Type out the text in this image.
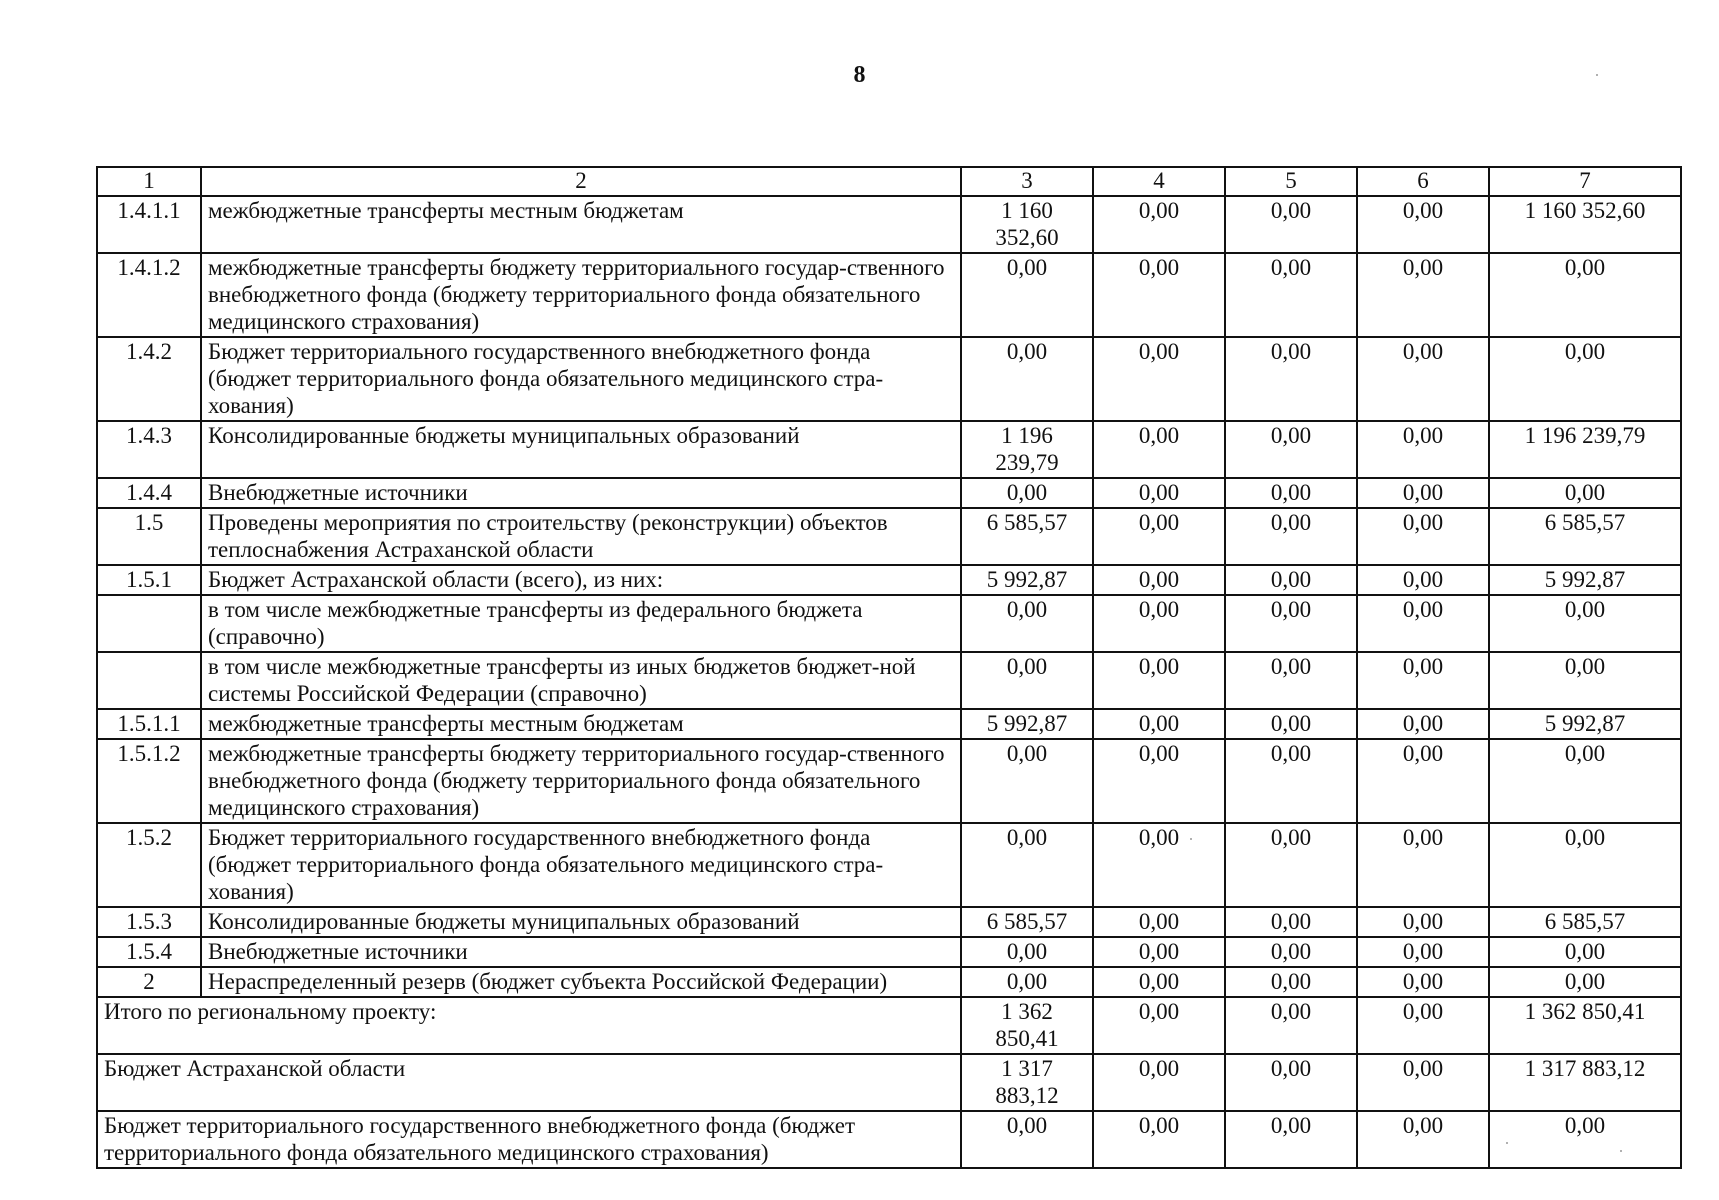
8
1	2	3	4	5	6	7
1.4.1.1	межбюджетные трансферты местным бюджетам	1 160 352,60	0,00	0,00	0,00	1 160 352,60
1.4.1.2	межбюджетные трансферты бюджету территориального государ-ственного внебюджетного фонда (бюджету территориального фонда обязательного медицинского страхования)	0,00	0,00	0,00	0,00	0,00
1.4.2	Бюджет территориального государственного внебюджетного фонда (бюджет территориального фонда обязательного медицинского стра-хования)	0,00	0,00	0,00	0,00	0,00
1.4.3	Консолидированные бюджеты муниципальных образований	1 196 239,79	0,00	0,00	0,00	1 196 239,79
1.4.4	Внебюджетные источники	0,00	0,00	0,00	0,00	0,00
1.5	Проведены мероприятия по строительству (реконструкции) объектов теплоснабжения Астраханской области	6 585,57	0,00	0,00	0,00	6 585,57
1.5.1	Бюджет Астраханской области (всего), из них:	5 992,87	0,00	0,00	0,00	5 992,87
	в том числе межбюджетные трансферты из федерального бюджета (справочно)	0,00	0,00	0,00	0,00	0,00
	в том числе межбюджетные трансферты из иных бюджетов бюджет-ной системы Российской Федерации (справочно)	0,00	0,00	0,00	0,00	0,00
1.5.1.1	межбюджетные трансферты местным бюджетам	5 992,87	0,00	0,00	0,00	5 992,87
1.5.1.2	межбюджетные трансферты бюджету территориального государ-ственного внебюджетного фонда (бюджету территориального фонда обязательного медицинского страхования)	0,00	0,00	0,00	0,00	0,00
1.5.2	Бюджет территориального государственного внебюджетного фонда (бюджет территориального фонда обязательного медицинского стра-хования)	0,00	0,00	0,00	0,00	0,00
1.5.3	Консолидированные бюджеты муниципальных образований	6 585,57	0,00	0,00	0,00	6 585,57
1.5.4	Внебюджетные источники	0,00	0,00	0,00	0,00	0,00
2	Нераспределенный резерв (бюджет субъекта Российской Федерации)	0,00	0,00	0,00	0,00	0,00
Итого по региональному проекту:		1 362 850,41	0,00	0,00	0,00	1 362 850,41
Бюджет Астраханской области		1 317 883,12	0,00	0,00	0,00	1 317 883,12
Бюджет территориального государственного внебюджетного фонда (бюджет территориального фонда обязательного медицинского страхования)		0,00	0,00	0,00	0,00	0,00
